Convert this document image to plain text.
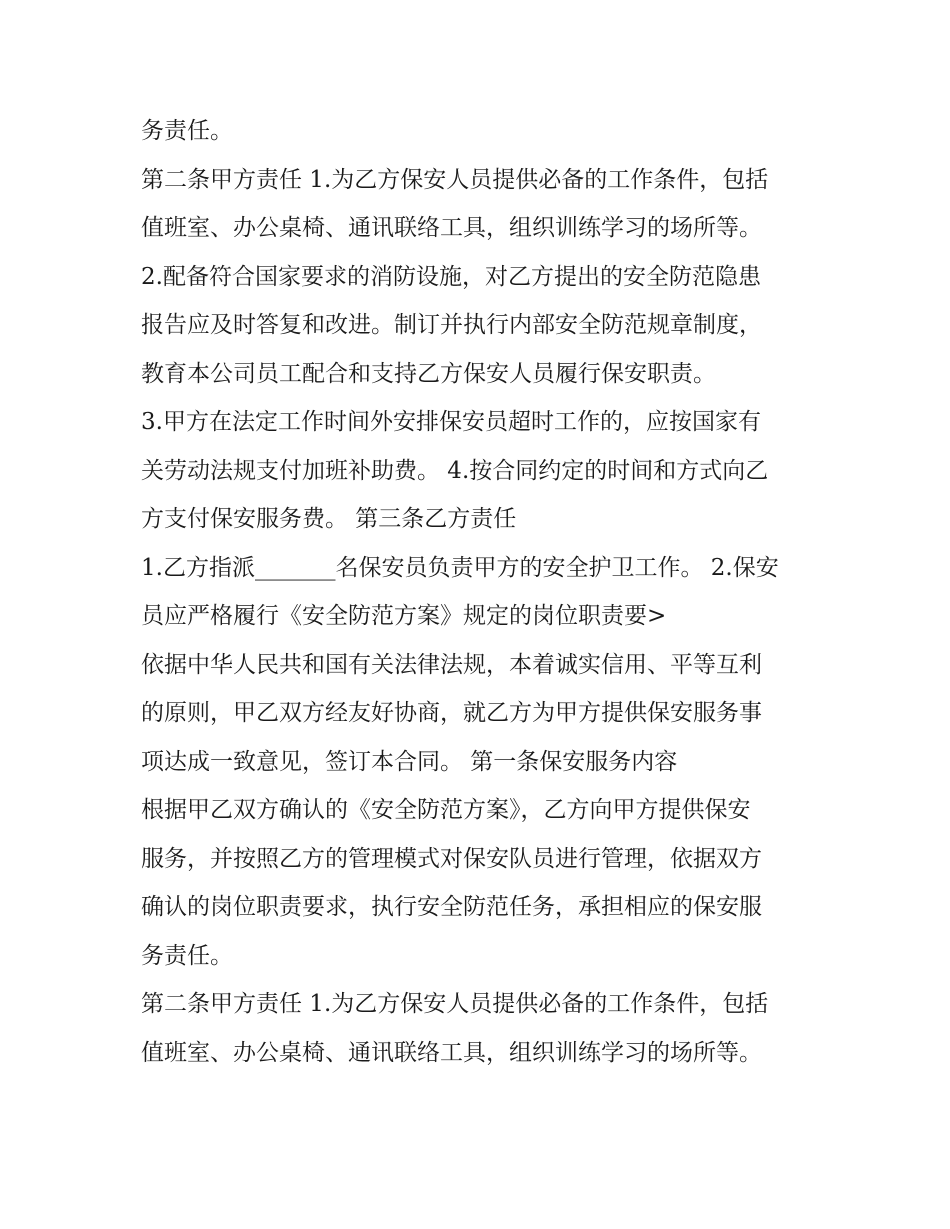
务责任。
第二条甲方责任 1.为乙方保安人员提供必备的工作条件，包括
值班室、办公桌椅、通讯联络工具，组织训练学习的场所等。
2.配备符合国家要求的消防设施，对乙方提出的安全防范隐患
报告应及时答复和改进。制订并执行内部安全防范规章制度，
教育本公司员工配合和支持乙方保安人员履行保安职责。
3.甲方在法定工作时间外安排保安员超时工作的，应按国家有
关劳动法规支付加班补助费。 4.按合同约定的时间和方式向乙
方支付保安服务费。 第三条乙方责任
1.乙方指派_______名保安员负责甲方的安全护卫工作。 2.保安
员应严格履行《安全防范方案》规定的岗位职责要>
依据中华人民共和国有关法律法规，本着诚实信用、平等互利
的原则，甲乙双方经友好协商，就乙方为甲方提供保安服务事
项达成一致意见，签订本合同。 第一条保安服务内容
根据甲乙双方确认的《安全防范方案》，乙方向甲方提供保安
服务，并按照乙方的管理模式对保安队员进行管理，依据双方
确认的岗位职责要求，执行安全防范任务，承担相应的保安服
务责任。
第二条甲方责任 1.为乙方保安人员提供必备的工作条件，包括
值班室、办公桌椅、通讯联络工具，组织训练学习的场所等。
